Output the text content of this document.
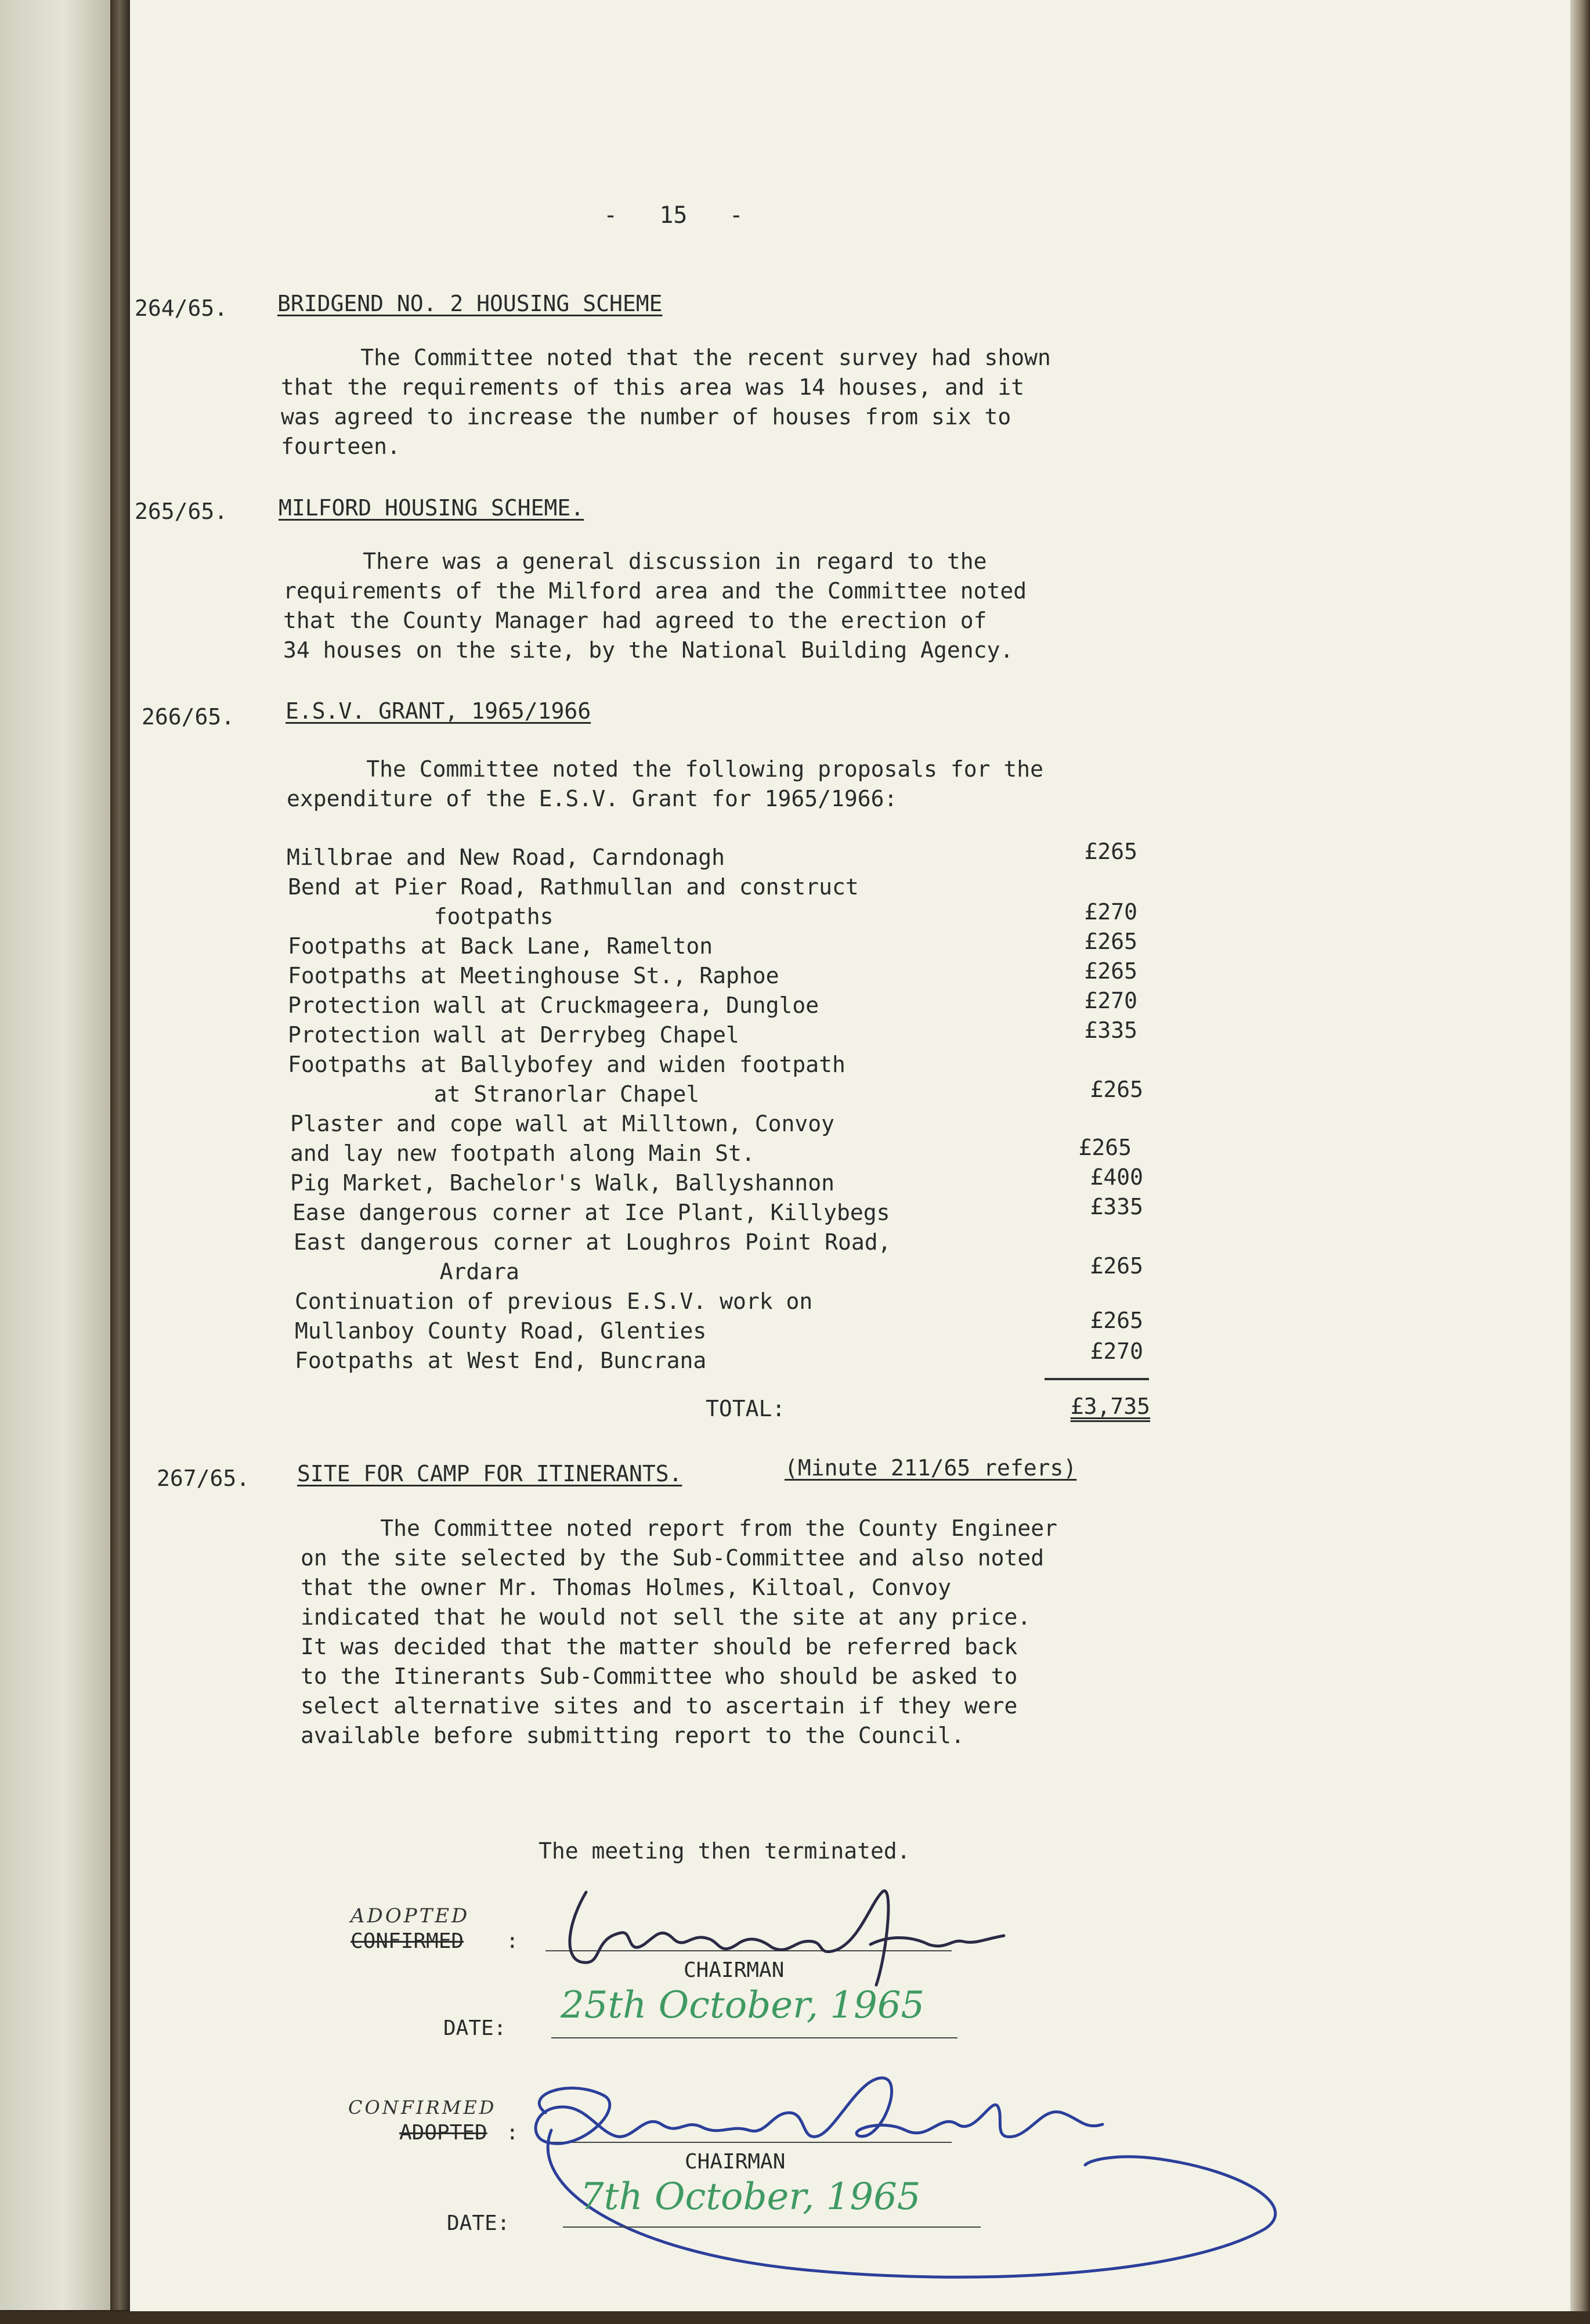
-   15   -
264/65. BRIDGEND NO. 2 HOUSING SCHEME
The Committee noted that the recent survey had shown
that the requirements of this area was 14 houses, and it
was agreed to increase the number of houses from six to
fourteen.
265/65. MILFORD HOUSING SCHEME.
There was a general discussion in regard to the
requirements of the Milford area and the Committee noted
that the County Manager had agreed to the erection of
34 houses on the site, by the National Building Agency.
266/65. E.S.V. GRANT, 1965/1966
The Committee noted the following proposals for the
expenditure of the E.S.V. Grant for 1965/1966:
Millbrae and New Road, Carndonagh	£265
Bend at Pier Road, Rathmullan and construct
footpaths	£270
Footpaths at Back Lane, Ramelton	£265
Footpaths at Meetinghouse St., Raphoe	£265
Protection wall at Cruckmageera, Dungloe	£270
Protection wall at Derrybeg Chapel	£335
Footpaths at Ballybofey and widen footpath
at Stranorlar Chapel	£265
Plaster and cope wall at Milltown, Convoy
and lay new footpath along Main St.	£265
Pig Market, Bachelor's Walk, Ballyshannon	£400
Ease dangerous corner at Ice Plant, Killybegs	£335
East dangerous corner at Loughros Point Road,
Ardara	£265
Continuation of previous E.S.V. work on
Mullanboy County Road, Glenties	£265
Footpaths at West End, Buncrana	£270
TOTAL:	£3,735
267/65. SITE FOR CAMP FOR ITINERANTS.	(Minute 211/65 refers)
The Committee noted report from the County Engineer
on the site selected by the Sub-Committee and also noted
that the owner Mr. Thomas Holmes, Kiltoal, Convoy
indicated that he would not sell the site at any price.
It was decided that the matter should be referred back
to the Itinerants Sub-Committee who should be asked to
select alternative sites and to ascertain if they were
available before submitting report to the Council.
The meeting then terminated.
ADOPTED
CONFIRMED :
CHAIRMAN
DATE:
25th October, 1965
CONFIRMED
ADOPTED :
CHAIRMAN
DATE:
7th October, 1965
